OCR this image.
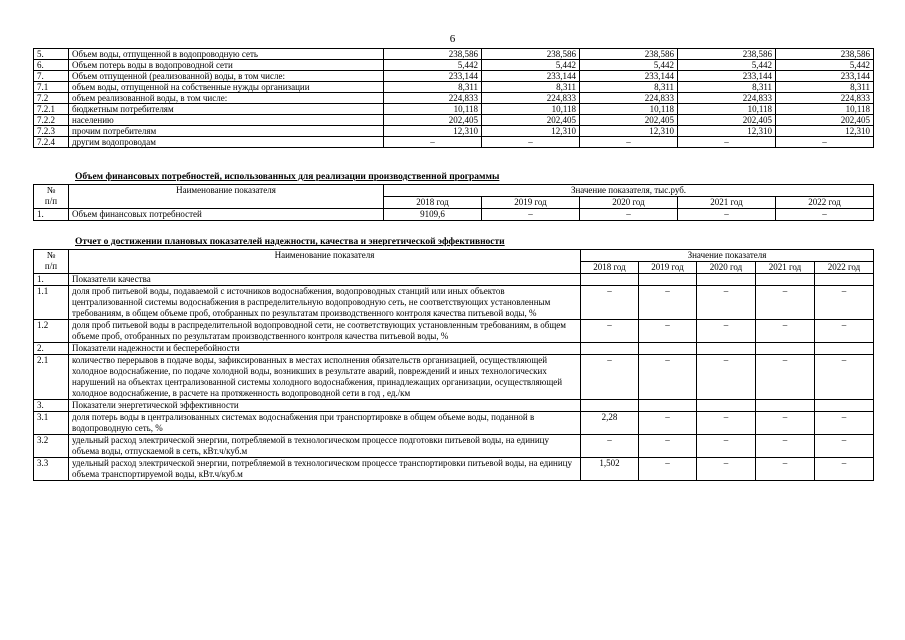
6
5.	Объем воды, отпущенной в водопроводную сеть	238,586	238,586	238,586	238,586	238,586
6.	Объем потерь воды в водопроводной сети	5,442	5,442	5,442	5,442	5,442
7.	Объем отпущенной (реализованной) воды, в том числе:	233,144	233,144	233,144	233,144	233,144
7.1	объем воды, отпущенной на собственные нужды организации	8,311	8,311	8,311	8,311	8,311
7.2	объем реализованной воды, в том числе:	224,833	224,833	224,833	224,833	224,833
7.2.1	бюджетным потребителям	10,118	10,118	10,118	10,118	10,118
7.2.2	населению	202,405	202,405	202,405	202,405	202,405
7.2.3	прочим потребителям	12,310	12,310	12,310	12,310	12,310
7.2.4	другим водопроводам	–	–	–	–	–
Объем финансовых потребностей, использованных для реализации производственной программы
№
п/п	Наименование показателя	Значение показателя, тыс.руб.				
		2018 год	2019 год	2020 год	2021 год	2022 год
1.	Объем финансовых потребностей	9109,6	–	–	–	–
Отчет о достижении плановых показателей надежности, качества и энергетической эффективности
№
п/п	Наименование показателя	Значение показателя				
		2018 год	2019 год	2020 год	2021 год	2022 год
1.	Показатели качества					
1.1	доля проб питьевой воды, подаваемой с источников водоснабжения, водопроводных станций или иных объектов централизованной системы водоснабжения в распределительную водопроводную сеть, не соответствующих установленным требованиям, в общем объеме проб, отобранных по результатам производственного контроля качества питьевой воды, %	–	–	–	–	–
1.2	доля проб питьевой воды в распределительной водопроводной сети, не соответствующих установленным требованиям, в общем объеме проб, отобранных по результатам производственного контроля качества питьевой воды, %	–	–	–	–	–
2.	Показатели надежности и бесперебойности					
2.1	количество перерывов в подаче воды, зафиксированных в местах исполнения обязательств организацией, осуществляющей холодное водоснабжение, по подаче холодной воды, возникших в результате аварий, повреждений и иных технологических нарушений на объектах централизованной системы холодного водоснабжения, принадлежащих организации, осуществляющей холодное водоснабжение, в расчете на протяженность водопроводной сети в год , ед./км	–	–	–	–	–
3.	Показатели энергетической эффективности					
3.1	доля потерь воды в централизованных системах водоснабжения при транспортировке в общем объеме воды, поданной в водопроводную сеть, %	2,28	–	–	–	–
3.2	удельный расход электрической энергии, потребляемой в технологическом процессе подготовки питьевой воды, на единицу объема воды, отпускаемой в сеть, кВт.ч/куб.м	–	–	–	–	–
3.3	удельный расход электрической энергии, потребляемой в технологическом процессе транспортировки питьевой воды, на единицу объема транспортируемой воды, кВт.ч/куб.м	1,502	–	–	–	–
